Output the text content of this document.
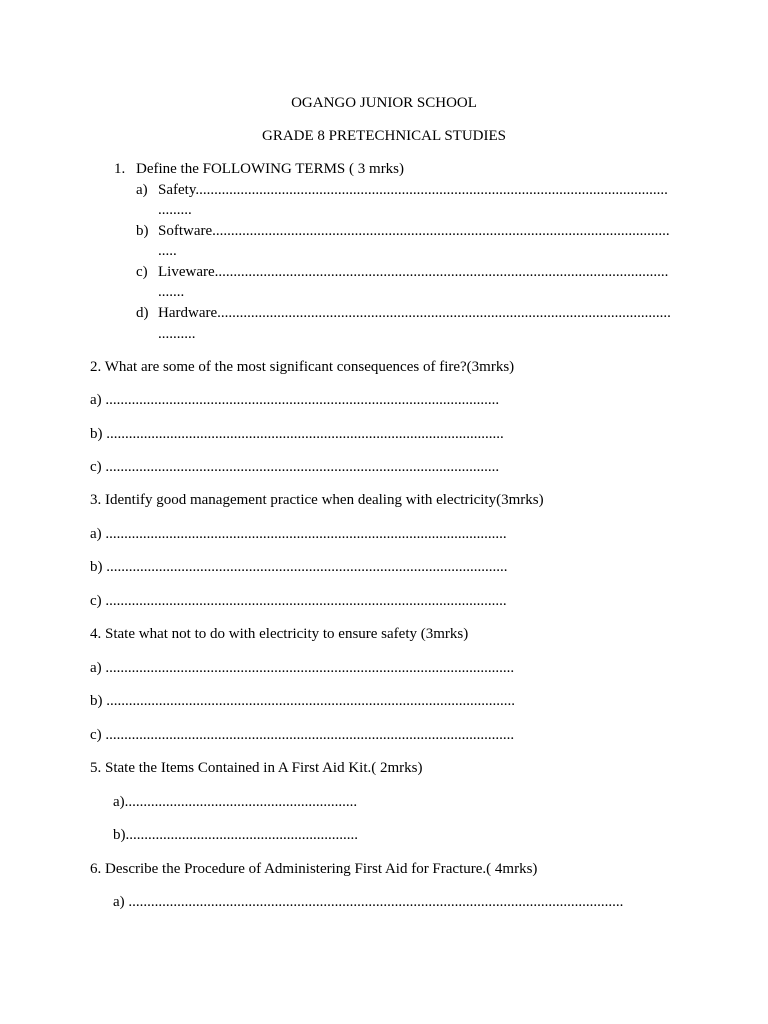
OGANGO JUNIOR SCHOOL
GRADE 8 PRETECHNICAL STUDIES
1. Define the FOLLOWING TERMS ( 3 mrks)
a) Safety..............................................................................................................................
.........
b) Software..........................................................................................................................
.....
c) Liveware.........................................................................................................................
.......
d) Hardware.........................................................................................................................
..........
2. What are some of the most significant consequences of fire?(3mrks)
a) .........................................................................................................
b) ..........................................................................................................
c) .........................................................................................................
3. Identify good management practice when dealing with electricity(3mrks)
a) ...........................................................................................................
b) ...........................................................................................................
c) ...........................................................................................................
4. State what not to do with electricity to ensure safety (3mrks)
a) .............................................................................................................
b) .............................................................................................................
c) .............................................................................................................
5. State the Items Contained in A First Aid Kit.( 2mrks)
a)..............................................................
b)..............................................................
6. Describe the Procedure of Administering First Aid for Fracture.( 4mrks)
a) ....................................................................................................................................
